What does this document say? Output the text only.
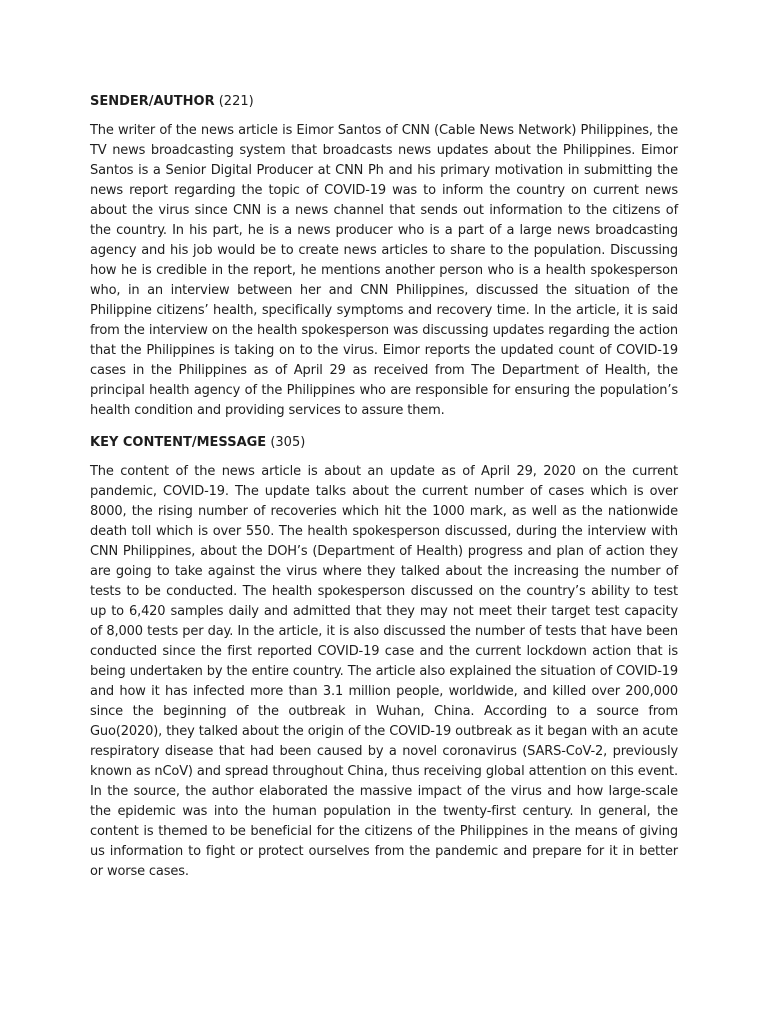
SENDER/AUTHOR (221)

The writer of the news article is Eimor Santos of CNN (Cable News Network) Philippines, the TV news broadcasting system that broadcasts news updates about the Philippines. Eimor Santos is a Senior Digital Producer at CNN Ph and his primary motivation in submitting the news report regarding the topic of COVID-19 was to inform the country on current news about the virus since CNN is a news channel that sends out information to the citizens of the country. In his part, he is a news producer who is a part of a large news broadcasting agency and his job would be to create news articles to share to the population. Discussing how he is credible in the report, he mentions another person who is a health spokesperson who, in an interview between her and CNN Philippines, discussed the situation of the Philippine citizens’ health, specifically symptoms and recovery time. In the article, it is said from the interview on the health spokesperson was discussing updates regarding the action that the Philippines is taking on to the virus. Eimor reports the updated count of COVID-19 cases in the Philippines as of April 29 as received from The Department of Health, the principal health agency of the Philippines who are responsible for ensuring the population’s health condition and providing services to assure them.

KEY CONTENT/MESSAGE (305)

The content of the news article is about an update as of April 29, 2020 on the current pandemic, COVID-19. The update talks about the current number of cases which is over 8000, the rising number of recoveries which hit the 1000 mark, as well as the nationwide death toll which is over 550. The health spokesperson discussed, during the interview with CNN Philippines, about the DOH’s (Department of Health) progress and plan of action they are going to take against the virus where they talked about the increasing the number of tests to be conducted. The health spokesperson discussed on the country’s ability to test up to 6,420 samples daily and admitted that they may not meet their target test capacity of 8,000 tests per day. In the article, it is also discussed the number of tests that have been conducted since the first reported COVID-19 case and the current lockdown action that is being undertaken by the entire country. The article also explained the situation of COVID-19 and how it has infected more than 3.1 million people, worldwide, and killed over 200,000 since the beginning of the outbreak in Wuhan, China. According to a source from Guo(2020), they talked about the origin of the COVID-19 outbreak as it began with an acute respiratory disease that had been caused by a novel coronavirus (SARS-CoV-2, previously known as nCoV) and spread throughout China, thus receiving global attention on this event. In the source, the author elaborated the massive impact of the virus and how large-scale the epidemic was into the human population in the twenty-first century. In general, the content is themed to be beneficial for the citizens of the Philippines in the means of giving us information to fight or protect ourselves from the pandemic and prepare for it in better or worse cases.
